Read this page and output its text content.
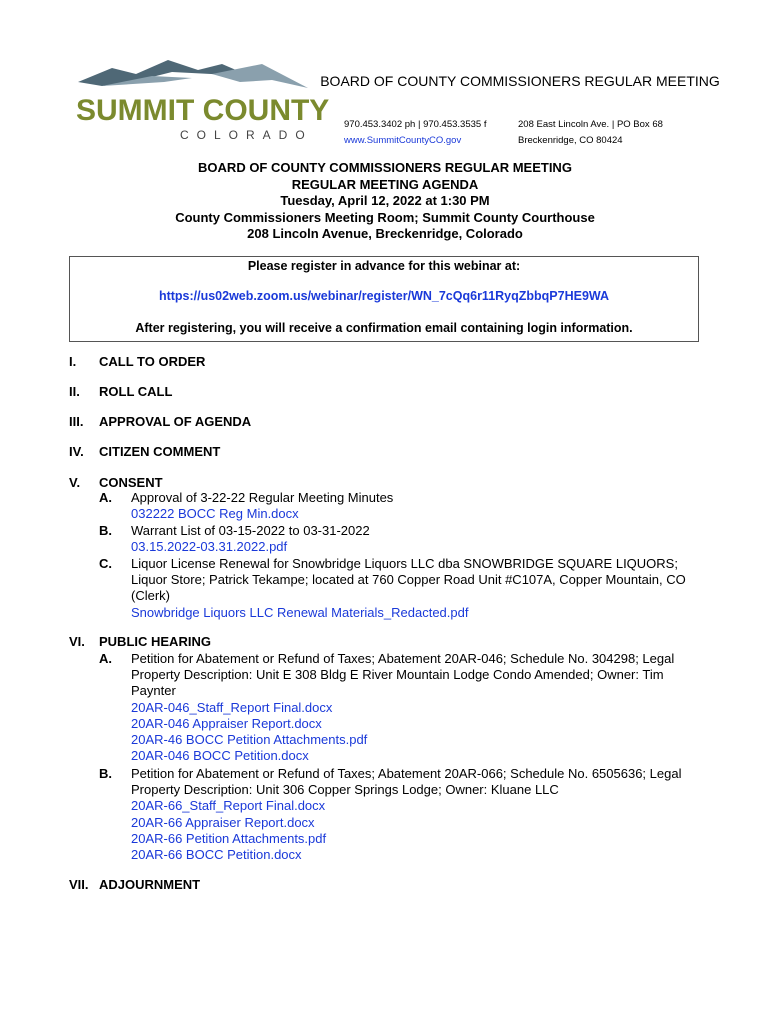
SUMMIT COUNTY
COLORADO
BOARD OF COUNTY COMMISSIONERS REGULAR MEETING
970.453.3402 ph | 970.453.3535 f
www.SummitCountyCO.gov
208 East Lincoln Ave. | PO Box 68
Breckenridge, CO 80424
BOARD OF COUNTY COMMISSIONERS REGULAR MEETING
REGULAR MEETING AGENDA
Tuesday, April 12, 2022 at 1:30 PM
County Commissioners Meeting Room; Summit County Courthouse
208 Lincoln Avenue, Breckenridge, Colorado
Please register in advance for this webinar at:
https://us02web.zoom.us/webinar/register/WN_7cQq6r11RyqZbbqP7HE9WA
After registering, you will receive a confirmation email containing login information.
I. CALL TO ORDER
II. ROLL CALL
III. APPROVAL OF AGENDA
IV. CITIZEN COMMENT
V. CONSENT
A. Approval of 3-22-22 Regular Meeting Minutes
032222 BOCC Reg Min.docx
B. Warrant List of 03-15-2022 to 03-31-2022
03.15.2022-03.31.2022.pdf
C. Liquor License Renewal for Snowbridge Liquors LLC dba SNOWBRIDGE SQUARE LIQUORS; Liquor Store; Patrick Tekampe; located at 760 Copper Road Unit #C107A, Copper Mountain, CO (Clerk)
Snowbridge Liquors LLC Renewal Materials_Redacted.pdf
VI. PUBLIC HEARING
A. Petition for Abatement or Refund of Taxes; Abatement 20AR-046; Schedule No. 304298; Legal Property Description: Unit E 308 Bldg E River Mountain Lodge Condo Amended; Owner: Tim Paynter
20AR-046_Staff_Report Final.docx
20AR-046 Appraiser Report.docx
20AR-46 BOCC Petition Attachments.pdf
20AR-046 BOCC Petition.docx
B. Petition for Abatement or Refund of Taxes; Abatement 20AR-066; Schedule No. 6505636; Legal Property Description: Unit 306 Copper Springs Lodge; Owner: Kluane LLC
20AR-66_Staff_Report Final.docx
20AR-66 Appraiser Report.docx
20AR-66 Petition Attachments.pdf
20AR-66 BOCC Petition.docx
VII. ADJOURNMENT
